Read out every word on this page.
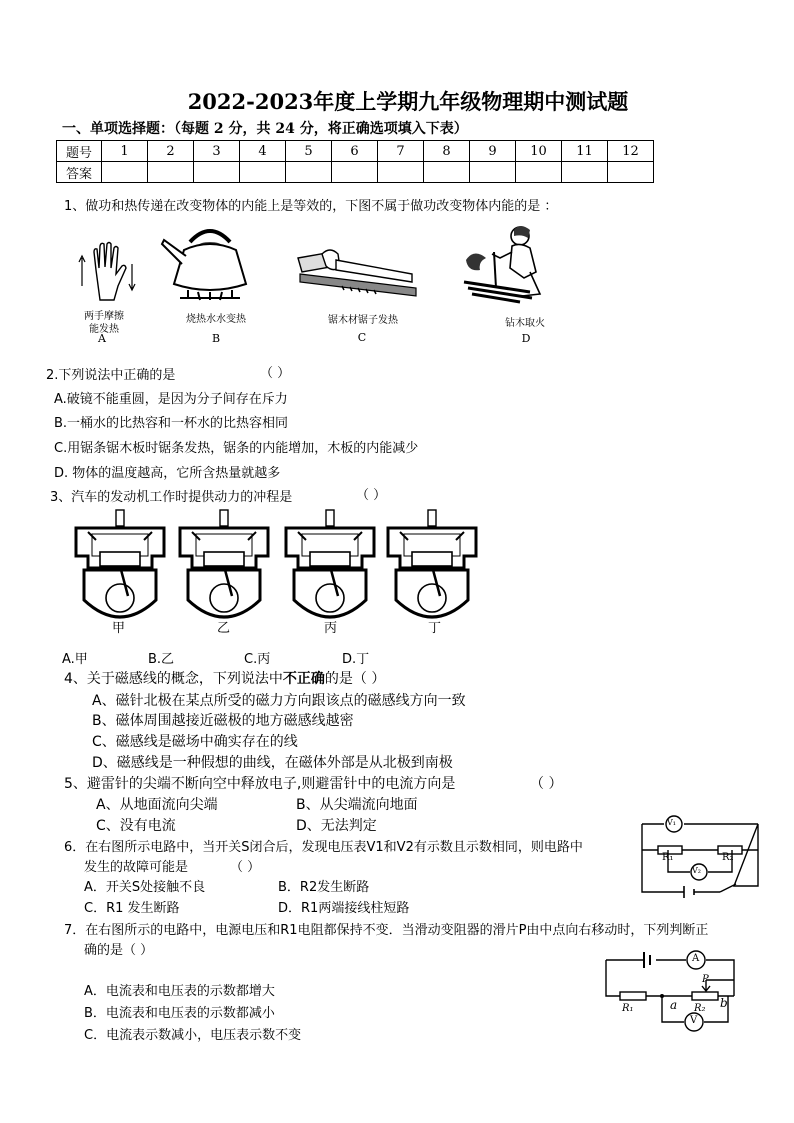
2022-2023年度上学期九年级物理期中测试题
一、单项选择题：（每题 2 分，共 24 分，将正确选项填入下表）
题号	1	2	3	4	5	6	7	8	9	10	11	12
答案												
1、做功和热传递在改变物体的内能上是等效的，下图不属于做功改变物体内能的是 ：
两手摩擦
能发热
A
烧热水水变热
B
锯木材锯子发热
C
钻木取火
D
2.下列说法中正确的是	（ ）
A.破镜不能重圆，是因为分子间存在斥力
B.一桶水的比热容和一杯水的比热容相同
C.用锯条锯木板时锯条发热，锯条的内能增加，木板的内能减少
D. 物体的温度越高，它所含热量就越多
3、汽车的发动机工作时提供动力的冲程是	（ ）
甲	乙	丙	丁
A.甲	B.乙	C.丙	D.丁
4、关于磁感线的概念，下列说法中不正确的是（ ）
A、磁针北极在某点所受的磁力方向跟该点的磁感线方向一致
B、磁体周围越接近磁极的地方磁感线越密
C、磁感线是磁场中确实存在的线
D、磁感线是一种假想的曲线，在磁体外部是从北极到南极
5、避雷针的尖端不断向空中释放电子,则避雷针中的电流方向是	（ ）
A、从地面流向尖端	B、从尖端流向地面
C、没有电流	D、无法判定
6．在右图所示电路中，当开关S闭合后，发现电压表V1和V2有示数且示数相同，则电路中
发生的故障可能是	（ ）
A．开关S处接触不良	B．R2发生断路
C．R1 发生断路	D．R1两端接线柱短路
V₁
R₁	R₂
V₂
7．在右图所示的电路中，电源电压和R1电阻都保持不变．当滑动变阻器的滑片P由中点向右移动时，下列判断正
确的是（ ）
A．电流表和电压表的示数都增大
B．电流表和电压表的示数都减小
C．电流表示数减小，电压表示数不变
A
V
P
a	b
R₁	R₂
